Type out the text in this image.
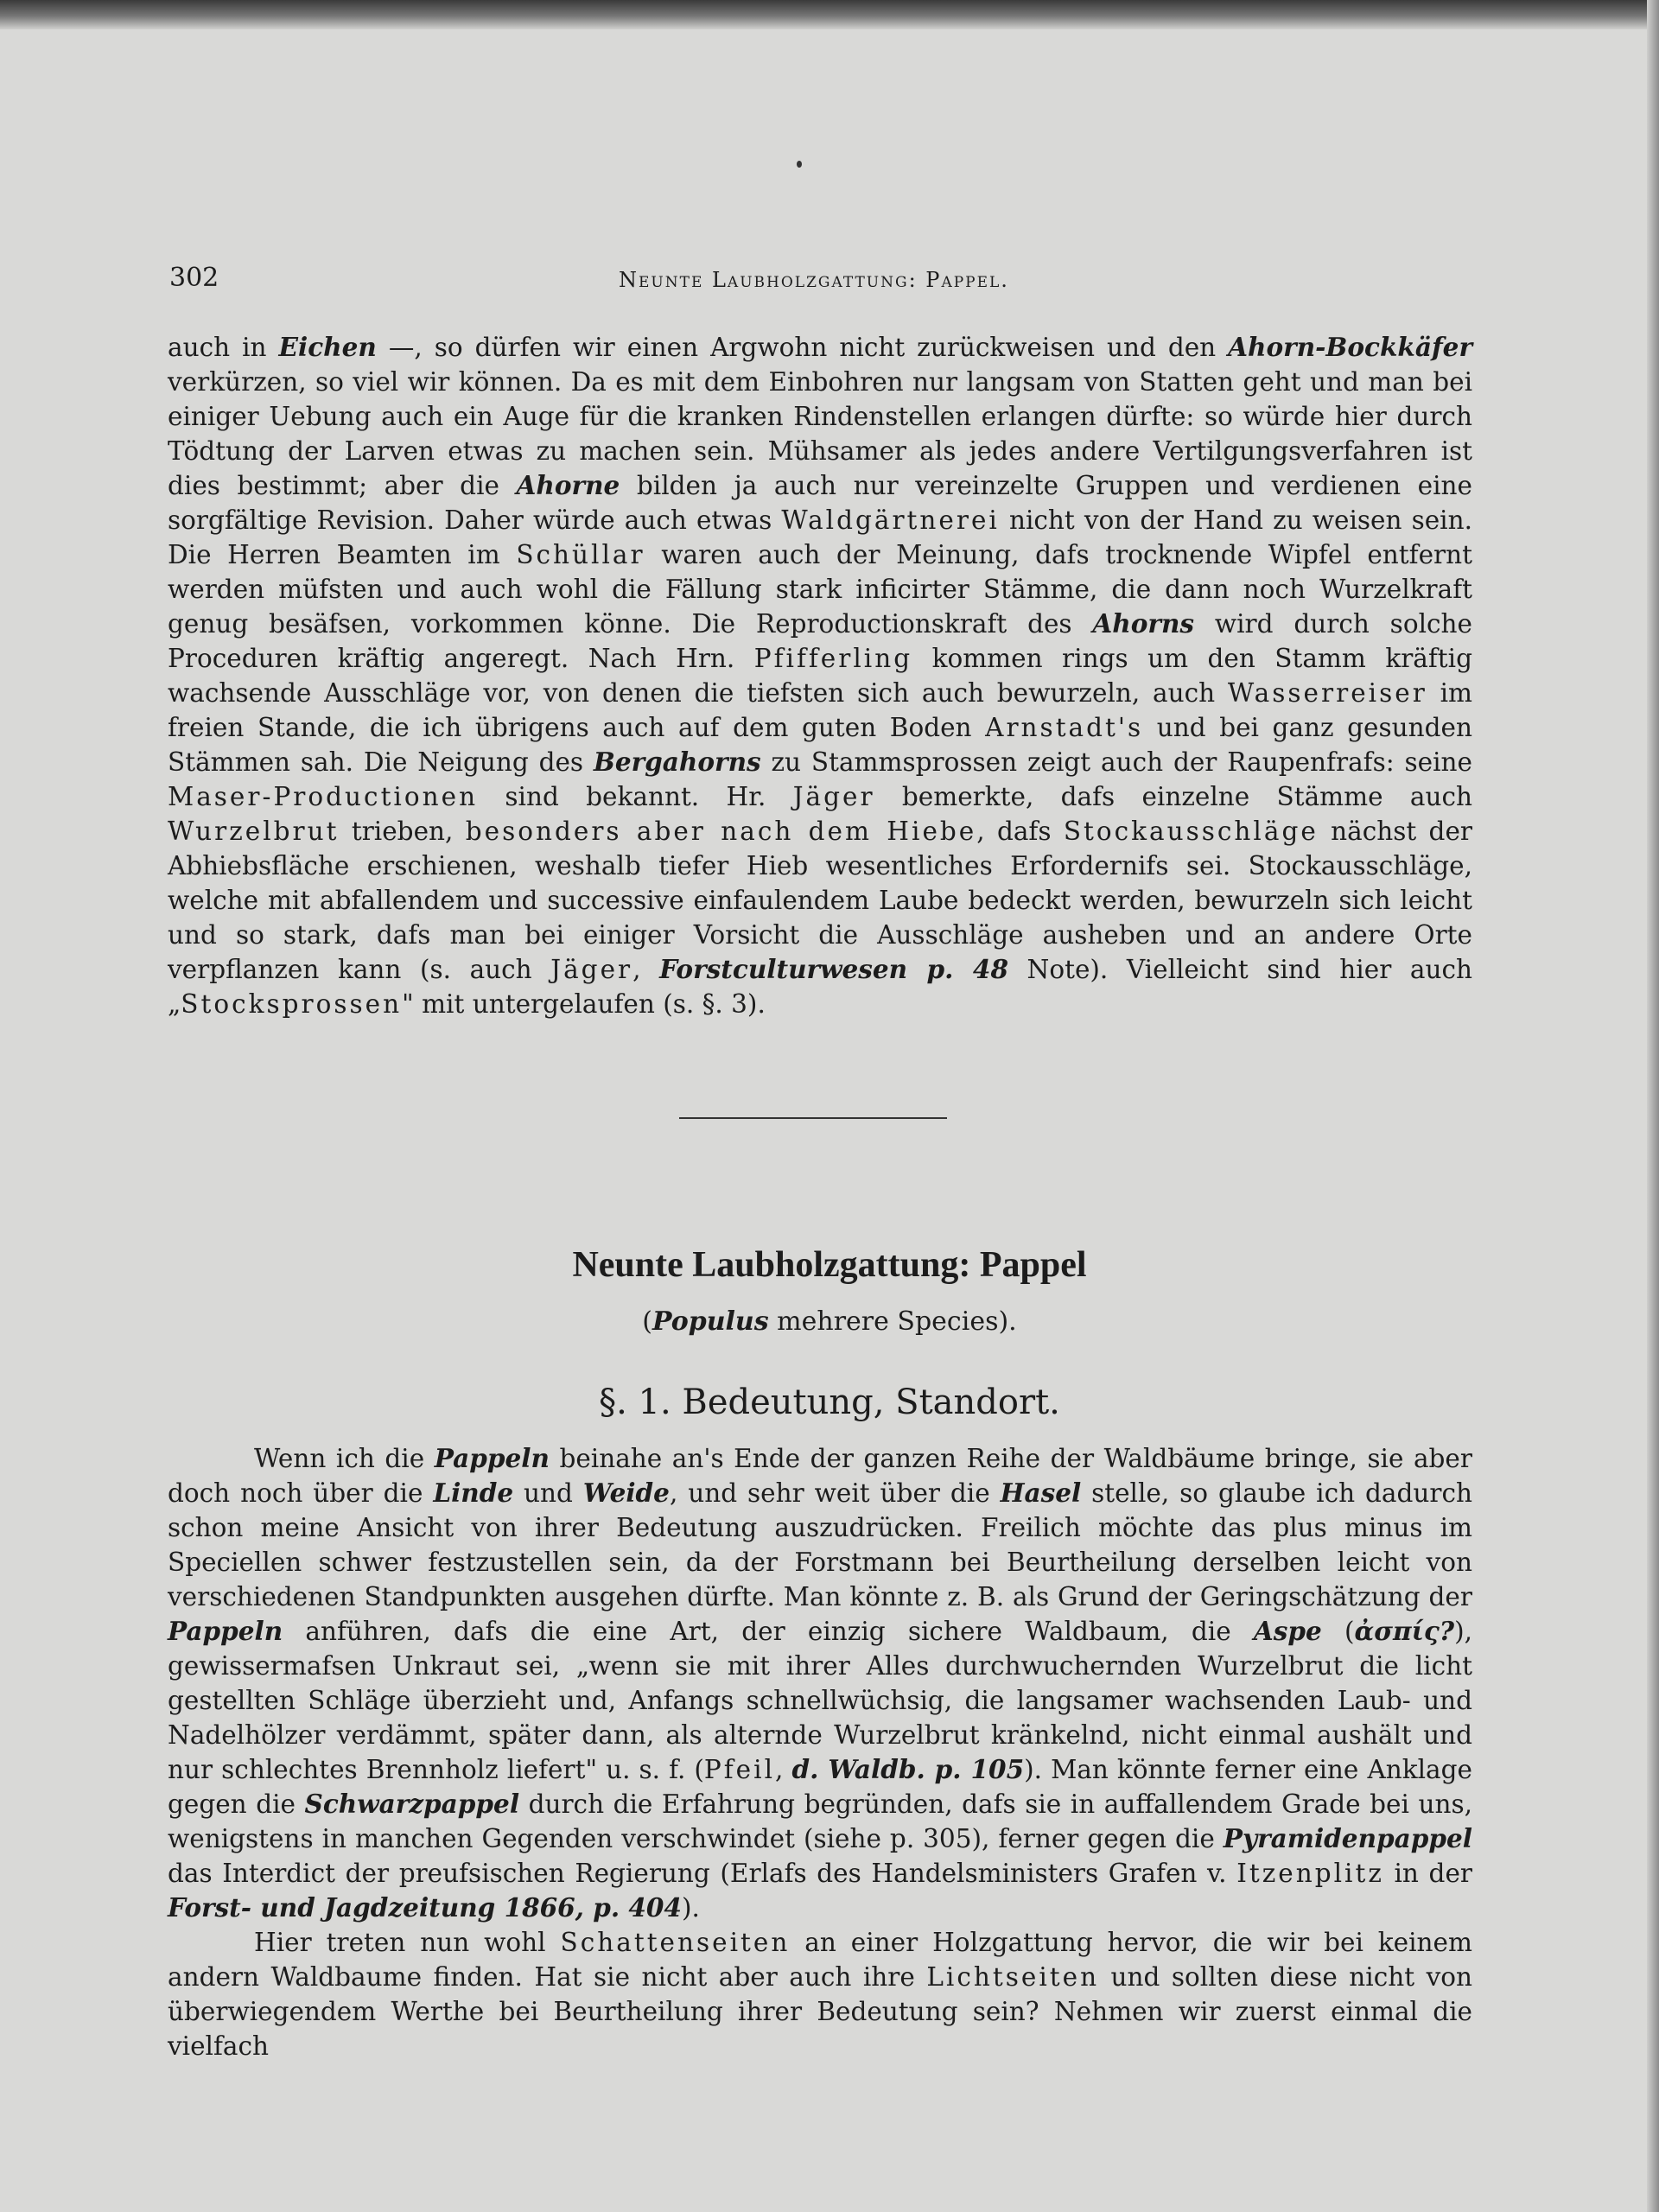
302	Neunte Laubholzgattung: Pappel.

auch in Eichen —, so dürfen wir einen Argwohn nicht zurückweisen und den Ahorn-Bockkäfer verkürzen, so viel wir können. Da es mit dem Einbohren nur langsam von Statten geht und man bei einiger Uebung auch ein Auge für die kranken Rindenstellen erlangen dürfte: so würde hier durch Tödtung der Larven etwas zu machen sein. Mühsamer als jedes andere Vertilgungsverfahren ist dies bestimmt; aber die Ahorne bilden ja auch nur vereinzelte Gruppen und verdienen eine sorgfältige Revision. Daher würde auch etwas Waldgärtnerei nicht von der Hand zu weisen sein. Die Herren Beamten im Schüllar waren auch der Meinung, dafs trocknende Wipfel entfernt werden müfsten und auch wohl die Fällung stark inficirter Stämme, die dann noch Wurzelkraft genug besäfsen, vorkommen könne. Die Reproductionskraft des Ahorns wird durch solche Proceduren kräftig angeregt. Nach Hrn. Pfifferling kommen rings um den Stamm kräftig wachsende Ausschläge vor, von denen die tiefsten sich auch bewurzeln, auch Wasserreiser im freien Stande, die ich übrigens auch auf dem guten Boden Arnstadt's und bei ganz gesunden Stämmen sah. Die Neigung des Bergahorns zu Stammsprossen zeigt auch der Raupenfrafs: seine Maser-Productionen sind bekannt. Hr. Jäger bemerkte, dafs einzelne Stämme auch Wurzelbrut trieben, besonders aber nach dem Hiebe, dafs Stockausschläge nächst der Abhiebsfläche erschienen, weshalb tiefer Hieb wesentliches Erfordernifs sei. Stockausschläge, welche mit abfallendem und successive einfaulendem Laube bedeckt werden, bewurzeln sich leicht und so stark, dafs man bei einiger Vorsicht die Ausschläge ausheben und an andere Orte verpflanzen kann (s. auch Jäger, Forstculturwesen p. 48 Note). Vielleicht sind hier auch „Stocksprossen" mit untergelaufen (s. §. 3).

Neunte Laubholzgattung: Pappel
(Populus mehrere Species).
§. 1. Bedeutung, Standort.

Wenn ich die Pappeln beinahe an's Ende der ganzen Reihe der Waldbäume bringe, sie aber doch noch über die Linde und Weide, und sehr weit über die Hasel stelle, so glaube ich dadurch schon meine Ansicht von ihrer Bedeutung auszudrücken. Freilich möchte das plus minus im Speciellen schwer festzustellen sein, da der Forstmann bei Beurtheilung derselben leicht von verschiedenen Standpunkten ausgehen dürfte. Man könnte z. B. als Grund der Geringschätzung der Pappeln anführen, dafs die eine Art, der einzig sichere Waldbaum, die Aspe (ἀσπίς?), gewissermafsen Unkraut sei, „wenn sie mit ihrer Alles durchwuchernden Wurzelbrut die licht gestellten Schläge überzieht und, Anfangs schnellwüchsig, die langsamer wachsenden Laub- und Nadelhölzer verdämmt, später dann, als alternde Wurzelbrut kränkelnd, nicht einmal aushält und nur schlechtes Brennholz liefert" u. s. f. (Pfeil, d. Waldb. p. 105). Man könnte ferner eine Anklage gegen die Schwarzpappel durch die Erfahrung begründen, dafs sie in auffallendem Grade bei uns, wenigstens in manchen Gegenden verschwindet (siehe p. 305), ferner gegen die Pyramidenpappel das Interdict der preufsischen Regierung (Erlafs des Handelsministers Grafen v. Itzenplitz in der Forst- und Jagdzeitung 1866, p. 404).

Hier treten nun wohl Schattenseiten an einer Holzgattung hervor, die wir bei keinem andern Waldbaume finden. Hat sie nicht aber auch ihre Lichtseiten und sollten diese nicht von überwiegendem Werthe bei Beurtheilung ihrer Bedeutung sein? Nehmen wir zuerst einmal die vielfach
